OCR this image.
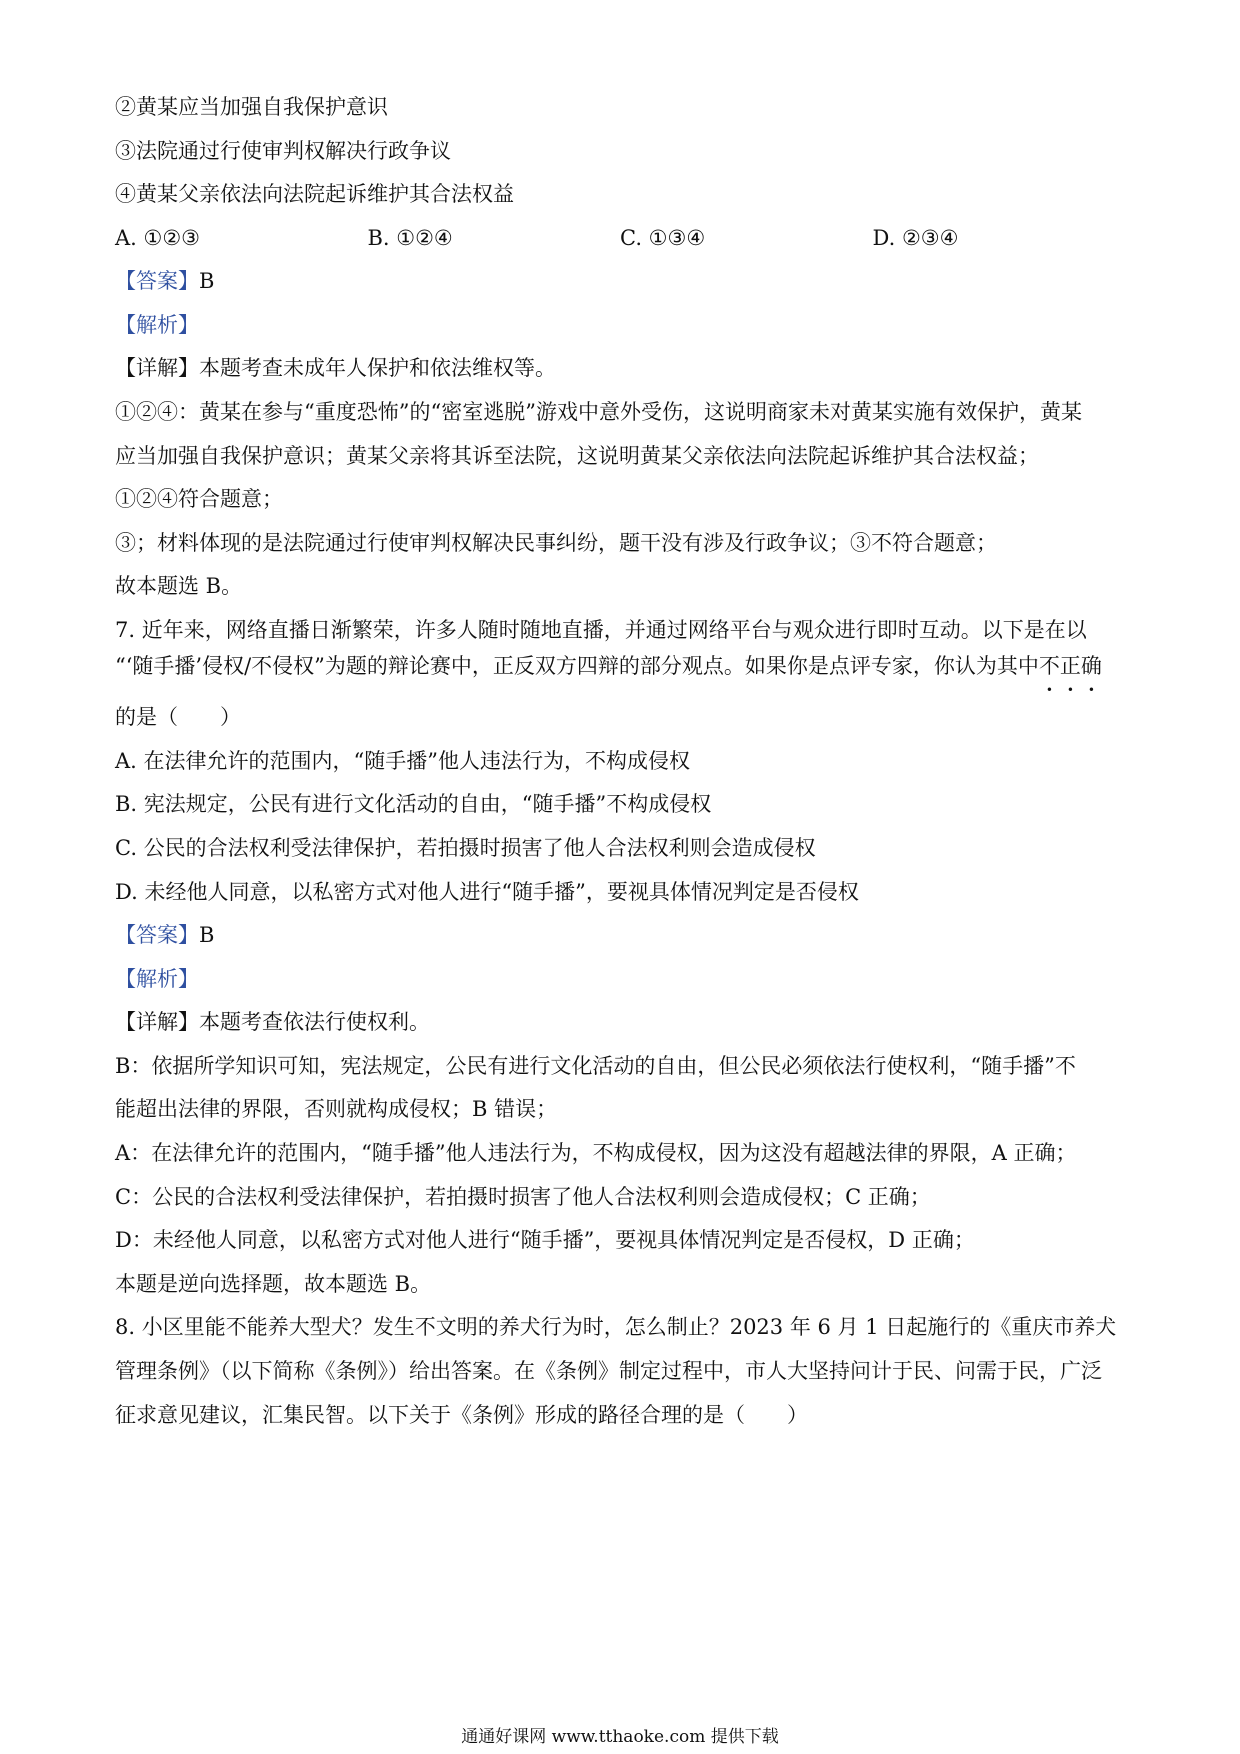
②黄某应当加强自我保护意识
③法院通过行使审判权解决行政争议
④黄某父亲依法向法院起诉维护其合法权益
A. ①②③	B. ①②④	C. ①③④	D. ②③④
【答案】B
【解析】
【详解】本题考查未成年人保护和依法维权等。
①②④：黄某在参与“重度恐怖”的“密室逃脱”游戏中意外受伤，这说明商家未对黄某实施有效保护，黄某
应当加强自我保护意识；黄某父亲将其诉至法院，这说明黄某父亲依法向法院起诉维护其合法权益；
①②④符合题意；
③；材料体现的是法院通过行使审判权解决民事纠纷，题干没有涉及行政争议；③不符合题意；
故本题选 B。
7. 近年来，网络直播日渐繁荣，许多人随时随地直播，并通过网络平台与观众进行即时互动。以下是在以
“‘随手播’侵权/不侵权”为题的辩论赛中，正反双方四辩的部分观点。如果你是点评专家，你认为其中不正确
的是（　　）
A. 在法律允许的范围内，“随手播”他人违法行为，不构成侵权
B. 宪法规定，公民有进行文化活动的自由，“随手播”不构成侵权
C. 公民的合法权利受法律保护，若拍摄时损害了他人合法权利则会造成侵权
D. 未经他人同意，以私密方式对他人进行“随手播”，要视具体情况判定是否侵权
【答案】B
【解析】
【详解】本题考查依法行使权利。
B：依据所学知识可知，宪法规定，公民有进行文化活动的自由，但公民必须依法行使权利，“随手播”不
能超出法律的界限，否则就构成侵权；B 错误；
A：在法律允许的范围内，“随手播”他人违法行为，不构成侵权，因为这没有超越法律的界限，A 正确；
C：公民的合法权利受法律保护，若拍摄时损害了他人合法权利则会造成侵权；C 正确；
D：未经他人同意，以私密方式对他人进行“随手播”，要视具体情况判定是否侵权，D 正确；
本题是逆向选择题，故本题选 B。
8. 小区里能不能养大型犬？发生不文明的养犬行为时，怎么制止？2023 年 6 月 1 日起施行的《重庆市养犬
管理条例》（以下简称《条例》）给出答案。在《条例》制定过程中，市人大坚持问计于民、问需于民，广泛
征求意见建议，汇集民智。以下关于《条例》形成的路径合理的是（　　）
通通好课网 www.tthaoke.com 提供下载
